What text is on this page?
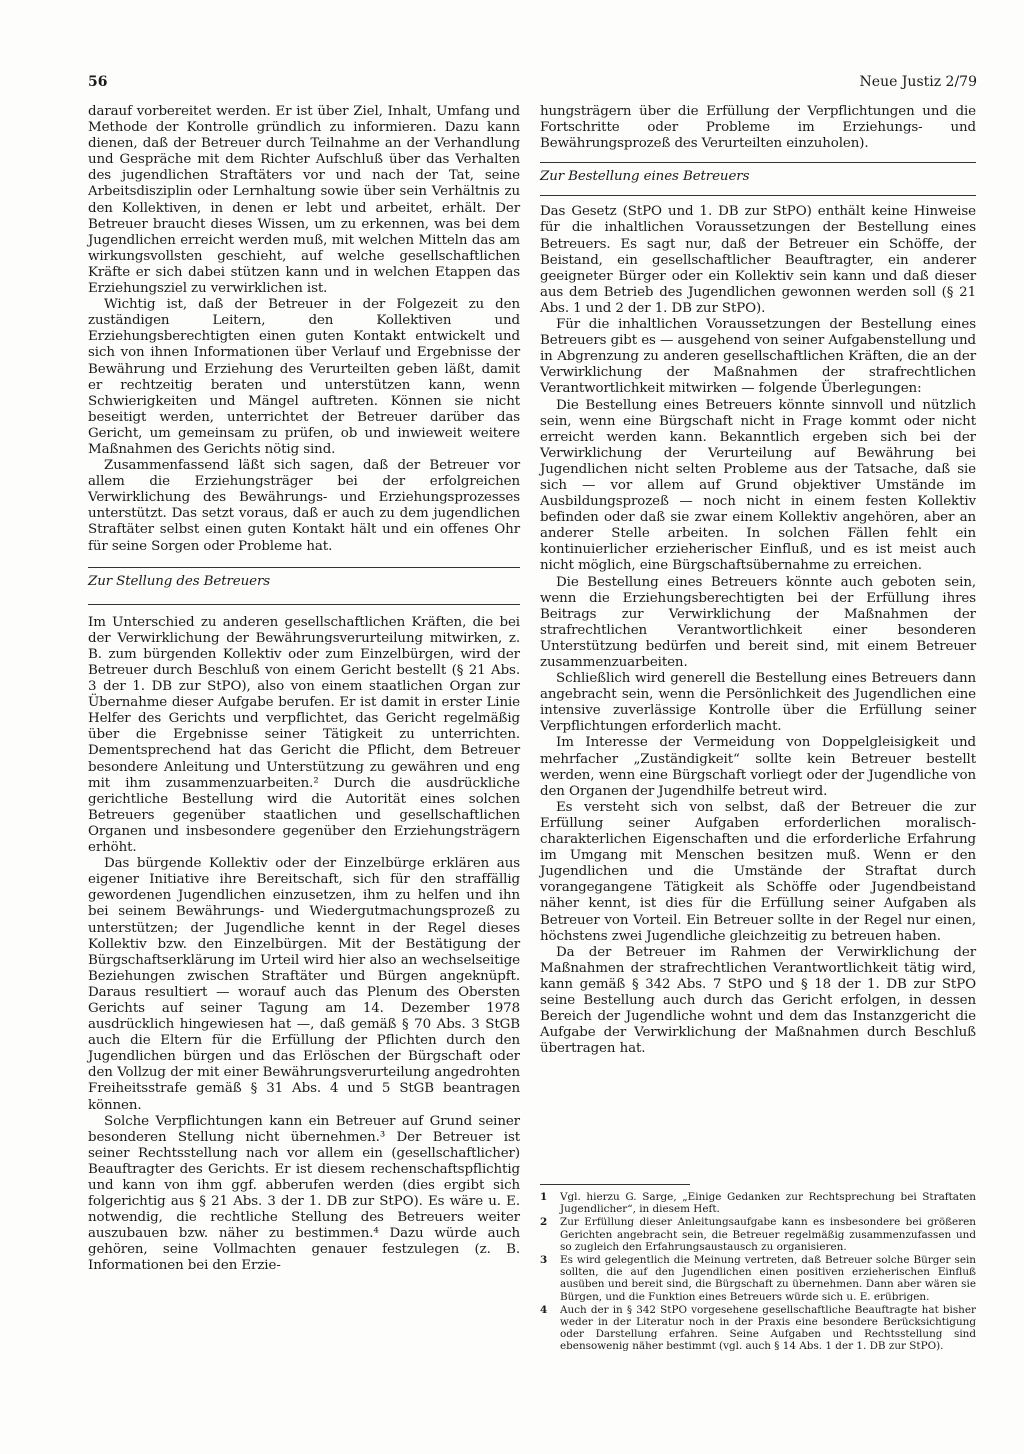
56	Neue Justiz 2/79

darauf vorbereitet werden. Er ist über Ziel, Inhalt, Umfang und Methode der Kontrolle gründlich zu informieren. Dazu kann dienen, daß der Betreuer durch Teilnahme an der Verhandlung und Gespräche mit dem Richter Aufschluß über das Verhalten des jugendlichen Straftäters vor und nach der Tat, seine Arbeitsdisziplin oder Lernhaltung sowie über sein Verhältnis zu den Kollektiven, in denen er lebt und arbeitet, erhält. Der Betreuer braucht dieses Wissen, um zu erkennen, was bei dem Jugendlichen erreicht werden muß, mit welchen Mitteln das am wirkungsvollsten geschieht, auf welche gesellschaftlichen Kräfte er sich dabei stützen kann und in welchen Etappen das Erziehungsziel zu verwirklichen ist.

Wichtig ist, daß der Betreuer in der Folgezeit zu den zuständigen Leitern, den Kollektiven und Erziehungsberechtigten einen guten Kontakt entwickelt und sich von ihnen Informationen über Verlauf und Ergebnisse der Bewährung und Erziehung des Verurteilten geben läßt, damit er rechtzeitig beraten und unterstützen kann, wenn Schwierigkeiten und Mängel auftreten. Können sie nicht beseitigt werden, unterrichtet der Betreuer darüber das Gericht, um gemeinsam zu prüfen, ob und inwieweit weitere Maßnahmen des Gerichts nötig sind.

Zusammenfassend läßt sich sagen, daß der Betreuer vor allem die Erziehungsträger bei der erfolgreichen Verwirklichung des Bewährungs- und Erziehungsprozesses unterstützt. Das setzt voraus, daß er auch zu dem jugendlichen Straftäter selbst einen guten Kontakt hält und ein offenes Ohr für seine Sorgen oder Probleme hat.

Zur Stellung des Betreuers

Im Unterschied zu anderen gesellschaftlichen Kräften, die bei der Verwirklichung der Bewährungsverurteilung mitwirken, z. B. zum bürgenden Kollektiv oder zum Einzelbürgen, wird der Betreuer durch Beschluß von einem Gericht bestellt (§ 21 Abs. 3 der 1. DB zur StPO), also von einem staatlichen Organ zur Übernahme dieser Aufgabe berufen. Er ist damit in erster Linie Helfer des Gerichts und verpflichtet, das Gericht regelmäßig über die Ergebnisse seiner Tätigkeit zu unterrichten. Dementsprechend hat das Gericht die Pflicht, dem Betreuer besondere Anleitung und Unterstützung zu gewähren und eng mit ihm zusammenzuarbeiten.² Durch die ausdrückliche gerichtliche Bestellung wird die Autorität eines solchen Betreuers gegenüber staatlichen und gesellschaftlichen Organen und insbesondere gegenüber den Erziehungsträgern erhöht.

Das bürgende Kollektiv oder der Einzelbürge erklären aus eigener Initiative ihre Bereitschaft, sich für den straffällig gewordenen Jugendlichen einzusetzen, ihm zu helfen und ihn bei seinem Bewährungs- und Wiedergutmachungsprozeß zu unterstützen; der Jugendliche kennt in der Regel dieses Kollektiv bzw. den Einzelbürgen. Mit der Bestätigung der Bürgschaftserklärung im Urteil wird hier also an wechselseitige Beziehungen zwischen Straftäter und Bürgen angeknüpft. Daraus resultiert — worauf auch das Plenum des Obersten Gerichts auf seiner Tagung am 14. Dezember 1978 ausdrücklich hingewiesen hat —, daß gemäß § 70 Abs. 3 StGB auch die Eltern für die Erfüllung der Pflichten durch den Jugendlichen bürgen und das Erlöschen der Bürgschaft oder den Vollzug der mit einer Bewährungsverurteilung angedrohten Freiheitsstrafe gemäß § 31 Abs. 4 und 5 StGB beantragen können.

Solche Verpflichtungen kann ein Betreuer auf Grund seiner besonderen Stellung nicht übernehmen.³ Der Betreuer ist seiner Rechtsstellung nach vor allem ein (gesellschaftlicher) Beauftragter des Gerichts. Er ist diesem rechenschaftspflichtig und kann von ihm ggf. abberufen werden (dies ergibt sich folgerichtig aus § 21 Abs. 3 der 1. DB zur StPO). Es wäre u. E. notwendig, die rechtliche Stellung des Betreuers weiter auszubauen bzw. näher zu bestimmen.⁴ Dazu würde auch gehören, seine Vollmachten genauer festzulegen (z. B. Informationen bei den Erzie-

hungsträgern über die Erfüllung der Verpflichtungen und die Fortschritte oder Probleme im Erziehungs- und Bewährungsprozeß des Verurteilten einzuholen).

Zur Bestellung eines Betreuers

Das Gesetz (StPO und 1. DB zur StPO) enthält keine Hinweise für die inhaltlichen Voraussetzungen der Bestellung eines Betreuers. Es sagt nur, daß der Betreuer ein Schöffe, der Beistand, ein gesellschaftlicher Beauftragter, ein anderer geeigneter Bürger oder ein Kollektiv sein kann und daß dieser aus dem Betrieb des Jugendlichen gewonnen werden soll (§ 21 Abs. 1 und 2 der 1. DB zur StPO).

Für die inhaltlichen Voraussetzungen der Bestellung eines Betreuers gibt es — ausgehend von seiner Aufgabenstellung und in Abgrenzung zu anderen gesellschaftlichen Kräften, die an der Verwirklichung der Maßnahmen der strafrechtlichen Verantwortlichkeit mitwirken — folgende Überlegungen:

Die Bestellung eines Betreuers könnte sinnvoll und nützlich sein, wenn eine Bürgschaft nicht in Frage kommt oder nicht erreicht werden kann. Bekanntlich ergeben sich bei der Verwirklichung der Verurteilung auf Bewährung bei Jugendlichen nicht selten Probleme aus der Tatsache, daß sie sich — vor allem auf Grund objektiver Umstände im Ausbildungsprozeß — noch nicht in einem festen Kollektiv befinden oder daß sie zwar einem Kollektiv angehören, aber an anderer Stelle arbeiten. In solchen Fällen fehlt ein kontinuierlicher erzieherischer Einfluß, und es ist meist auch nicht möglich, eine Bürgschaftsübernahme zu erreichen.

Die Bestellung eines Betreuers könnte auch geboten sein, wenn die Erziehungsberechtigten bei der Erfüllung ihres Beitrags zur Verwirklichung der Maßnahmen der strafrechtlichen Verantwortlichkeit einer besonderen Unterstützung bedürfen und bereit sind, mit einem Betreuer zusammenzuarbeiten.

Schließlich wird generell die Bestellung eines Betreuers dann angebracht sein, wenn die Persönlichkeit des Jugendlichen eine intensive zuverlässige Kontrolle über die Erfüllung seiner Verpflichtungen erforderlich macht.

Im Interesse der Vermeidung von Doppelgleisigkeit und mehrfacher „Zuständigkeit“ sollte kein Betreuer bestellt werden, wenn eine Bürgschaft vorliegt oder der Jugendliche von den Organen der Jugendhilfe betreut wird.

Es versteht sich von selbst, daß der Betreuer die zur Erfüllung seiner Aufgaben erforderlichen moralisch-charakterlichen Eigenschaften und die erforderliche Erfahrung im Umgang mit Menschen besitzen muß. Wenn er den Jugendlichen und die Umstände der Straftat durch vorangegangene Tätigkeit als Schöffe oder Jugendbeistand näher kennt, ist dies für die Erfüllung seiner Aufgaben als Betreuer von Vorteil. Ein Betreuer sollte in der Regel nur einen, höchstens zwei Jugendliche gleichzeitig zu betreuen haben.

Da der Betreuer im Rahmen der Verwirklichung der Maßnahmen der strafrechtlichen Verantwortlichkeit tätig wird, kann gemäß § 342 Abs. 7 StPO und § 18 der 1. DB zur StPO seine Bestellung auch durch das Gericht erfolgen, in dessen Bereich der Jugendliche wohnt und dem das Instanzgericht die Aufgabe der Verwirklichung der Maßnahmen durch Beschluß übertragen hat.

1	Vgl. hierzu G. Sarge, „Einige Gedanken zur Rechtsprechung bei Straftaten Jugendlicher“, in diesem Heft.
2	Zur Erfüllung dieser Anleitungsaufgabe kann es insbesondere bei größeren Gerichten angebracht sein, die Betreuer regelmäßig zusammenzufassen und so zugleich den Erfahrungsaustausch zu organisieren.
3	Es wird gelegentlich die Meinung vertreten, daß Betreuer solche Bürger sein sollten, die auf den Jugendlichen einen positiven erzieherischen Einfluß ausüben und bereit sind, die Bürgschaft zu übernehmen. Dann aber wären sie Bürgen, und die Funktion eines Betreuers würde sich u. E. erübrigen.
4	Auch der in § 342 StPO vorgesehene gesellschaftliche Beauftragte hat bisher weder in der Literatur noch in der Praxis eine besondere Berücksichtigung oder Darstellung erfahren. Seine Aufgaben und Rechtsstellung sind ebensowenig näher bestimmt (vgl. auch § 14 Abs. 1 der 1. DB zur StPO).
